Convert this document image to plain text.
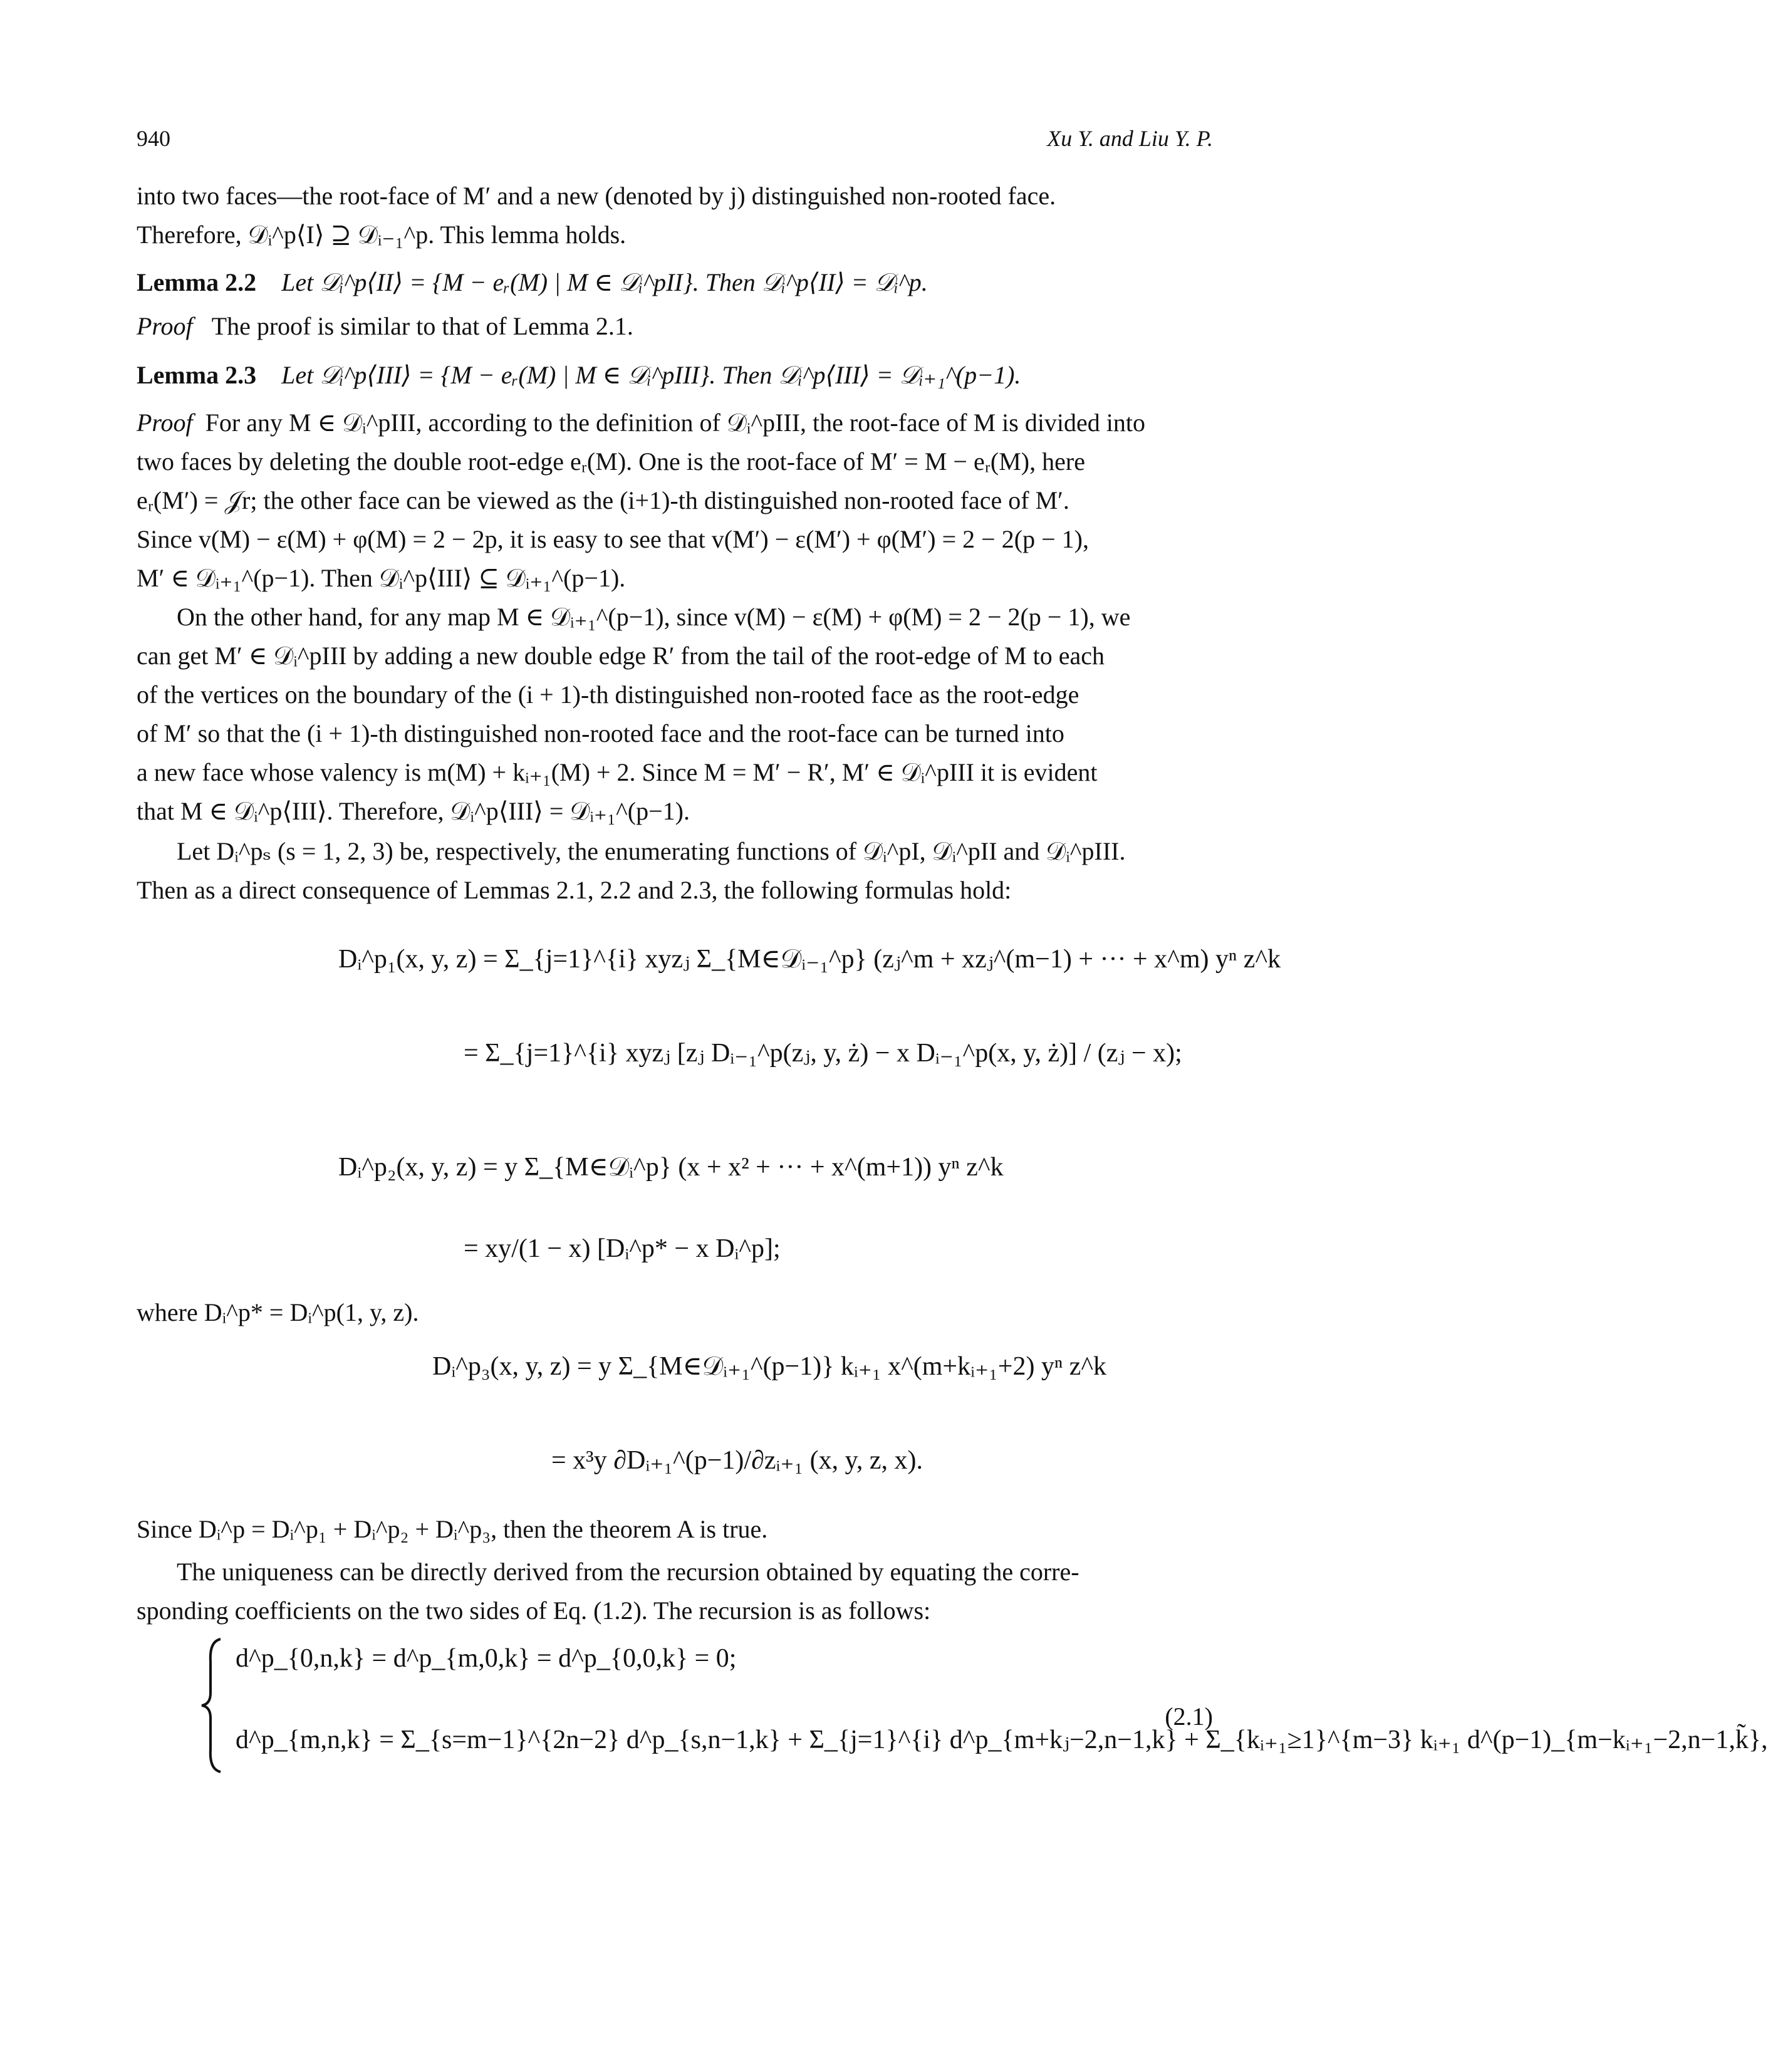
940	Xu Y. and Liu Y. P.
into two faces—the root-face of M′ and a new (denoted by j) distinguished non-rooted face.
Therefore, 𝒟ᵢ^p⟨I⟩ ⊇ 𝒟ᵢ₋₁^p. This lemma holds.
Lemma 2.2 Let 𝒟ᵢ^p⟨II⟩ = {M − eᵣ(M) | M ∈ 𝒟ᵢ^pII}. Then 𝒟ᵢ^p⟨II⟩ = 𝒟ᵢ^p.
Proof The proof is similar to that of Lemma 2.1.
Lemma 2.3 Let 𝒟ᵢ^p⟨III⟩ = {M − eᵣ(M) | M ∈ 𝒟ᵢ^pIII}. Then 𝒟ᵢ^p⟨III⟩ = 𝒟ᵢ₊₁^(p−1).
Proof For any M ∈ 𝒟ᵢ^pIII, according to the definition of 𝒟ᵢ^pIII, the root-face of M is divided into
two faces by deleting the double root-edge eᵣ(M). One is the root-face of M′ = M − eᵣ(M), here
eᵣ(M′) = 𝒥r; the other face can be viewed as the (i+1)-th distinguished non-rooted face of M′.
Since v(M) − ε(M) + φ(M) = 2 − 2p, it is easy to see that v(M′) − ε(M′) + φ(M′) = 2 − 2(p − 1),
M′ ∈ 𝒟ᵢ₊₁^(p−1). Then 𝒟ᵢ^p⟨III⟩ ⊆ 𝒟ᵢ₊₁^(p−1).
On the other hand, for any map M ∈ 𝒟ᵢ₊₁^(p−1), since v(M) − ε(M) + φ(M) = 2 − 2(p − 1), we
can get M′ ∈ 𝒟ᵢ^pIII by adding a new double edge R′ from the tail of the root-edge of M to each
of the vertices on the boundary of the (i + 1)-th distinguished non-rooted face as the root-edge
of M′ so that the (i + 1)-th distinguished non-rooted face and the root-face can be turned into
a new face whose valency is m(M) + kᵢ₊₁(M) + 2. Since M = M′ − R′, M′ ∈ 𝒟ᵢ^pIII it is evident
that M ∈ 𝒟ᵢ^p⟨III⟩. Therefore, 𝒟ᵢ^p⟨III⟩ = 𝒟ᵢ₊₁^(p−1).
Let Dᵢ^pₛ (s = 1, 2, 3) be, respectively, the enumerating functions of 𝒟ᵢ^pI, 𝒟ᵢ^pII and 𝒟ᵢ^pIII.
Then as a direct consequence of Lemmas 2.1, 2.2 and 2.3, the following formulas hold:
Dᵢ^p₁(x, y, z) = Σ_{j=1}^{i} xyzⱼ Σ_{M∈𝒟ᵢ₋₁^p} (zⱼ^m + xzⱼ^(m−1) + ··· + x^m) yⁿ z^k
= Σ_{j=1}^{i} xyzⱼ [zⱼ Dᵢ₋₁^p(zⱼ, y, ż) − x Dᵢ₋₁^p(x, y, ż)] / (zⱼ − x);
Dᵢ^p₂(x, y, z) = y Σ_{M∈𝒟ᵢ^p} (x + x² + ··· + x^(m+1)) yⁿ z^k
= xy/(1 − x) [Dᵢ^p* − x Dᵢ^p];
where Dᵢ^p* = Dᵢ^p(1, y, z).
Dᵢ^p₃(x, y, z) = y Σ_{M∈𝒟ᵢ₊₁^(p−1)} kᵢ₊₁ x^(m+kᵢ₊₁+2) yⁿ z^k
= x³y ∂Dᵢ₊₁^(p−1)/∂zᵢ₊₁ (x, y, z, x).
Since Dᵢ^p = Dᵢ^p₁ + Dᵢ^p₂ + Dᵢ^p₃, then the theorem A is true.
The uniqueness can be directly derived from the recursion obtained by equating the corre-
sponding coefficients on the two sides of Eq. (1.2). The recursion is as follows:
d^p_{0,n,k} = d^p_{m,0,k} = d^p_{0,0,k} = 0;
d^p_{m,n,k} = Σ_{s=m−1}^{2n−2} d^p_{s,n−1,k} + Σ_{j=1}^{i} d^p_{m+kⱼ−2,n−1,k} + Σ_{kᵢ₊₁≥1}^{m−3} kᵢ₊₁ d^(p−1)_{m−kᵢ₊₁−2,n−1,k̃},
(2.1)
